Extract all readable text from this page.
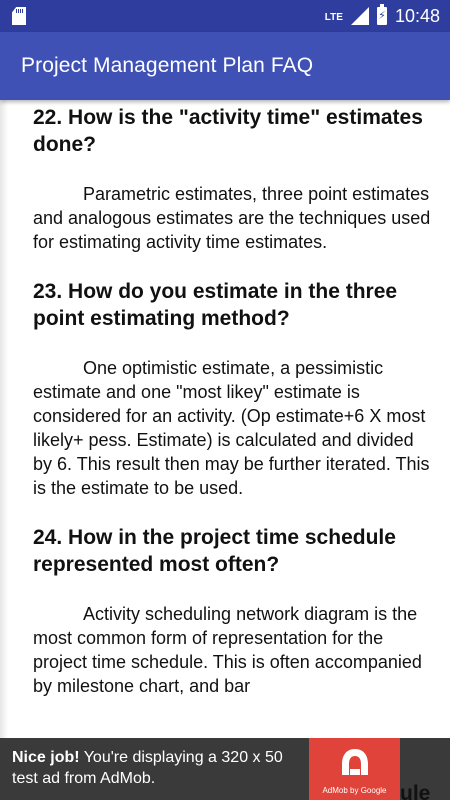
LTE
⚡	10:48
Project Management Plan FAQ
22. How is the "activity time" estimates done?
Parametric estimates, three point estimates and analogous estimates are the techniques used for estimating activity time estimates.
23. How do you estimate in the three point estimating method?
One optimistic estimate, a pessimistic estimate and one "most likey" estimate is considered for an activity. (Op estimate+6 X most likely+ pess. Estimate) is calculated and divided by 6. This result then may be further iterated. This is the estimate to be used.
24. How in the project time schedule represented most often?
Activity scheduling network diagram is the most common form of representation for the project time schedule. This is often accompanied by milestone chart, and bar
Nice job! You're displaying a 320 x 50 test ad from AdMob.
AdMob by Google ule
